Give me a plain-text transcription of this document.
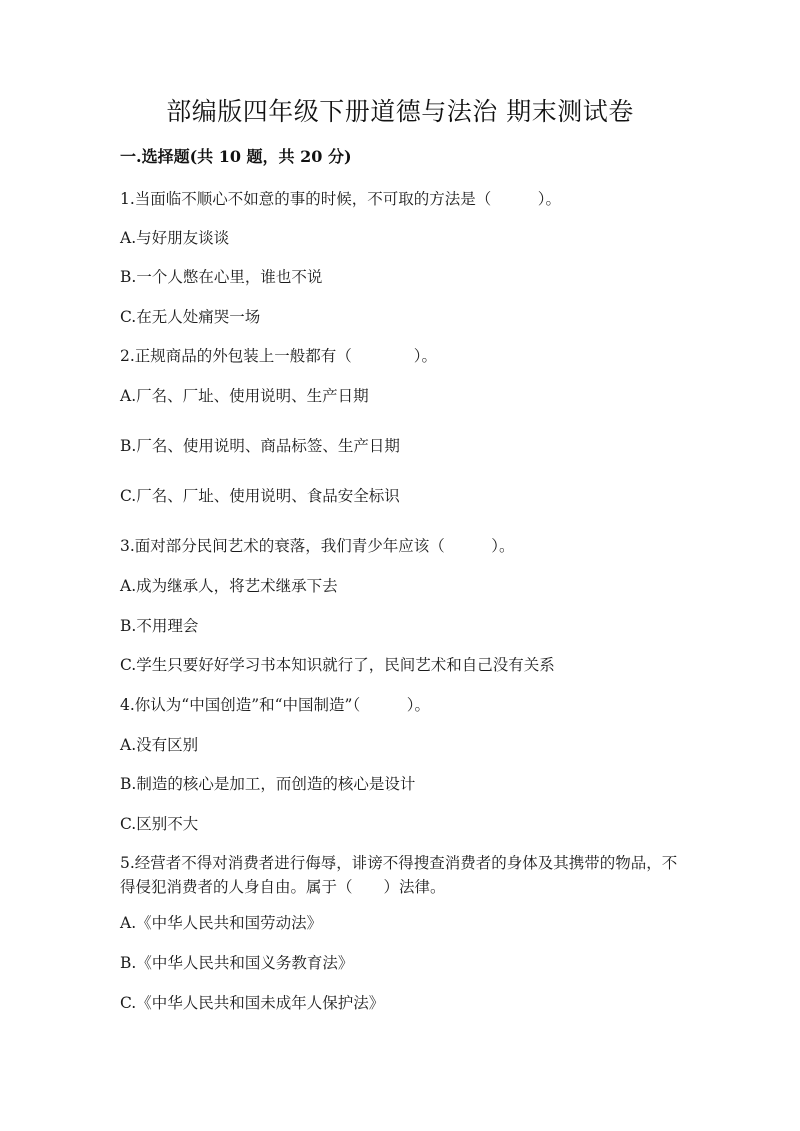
部编版四年级下册道德与法治 期末测试卷
一.选择题(共 10 题，共 20 分)
1.当面临不顺心不如意的事的时候，不可取的方法是（　　　）。
A.与好朋友谈谈
B.一个人憋在心里，谁也不说
C.在无人处痛哭一场
2.正规商品的外包装上一般都有（　　　　）。
A.厂名、厂址、使用说明、生产日期
B.厂名、使用说明、商品标签、生产日期
C.厂名、厂址、使用说明、食品安全标识
3.面对部分民间艺术的衰落，我们青少年应该（　　　）。
A.成为继承人，将艺术继承下去
B.不用理会
C.学生只要好好学习书本知识就行了，民间艺术和自己没有关系
4.你认为“中国创造”和“中国制造”（　　　）。
A.没有区别
B.制造的核心是加工，而创造的核心是设计
C.区别不大
5.经营者不得对消费者进行侮辱，诽谤不得搜查消费者的身体及其携带的物品，不得侵犯消费者的人身自由。属于（　　）法律。
A.《中华人民共和国劳动法》
B.《中华人民共和国义务教育法》
C.《中华人民共和国未成年人保护法》
